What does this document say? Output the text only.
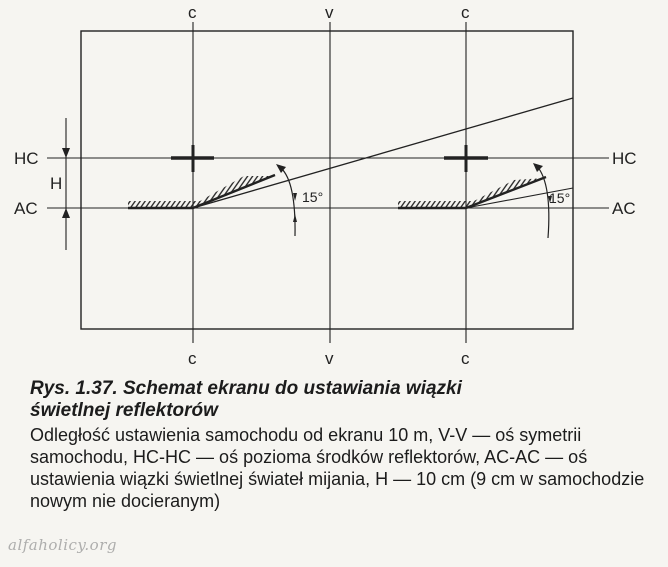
c	v	c
c	v	c
HC	HC
AC	AC
H
15°	15°

Rys. 1.37. Schemat ekranu do ustawiania wiązki
świetlnej reflektorów

Odległość ustawienia samochodu od ekranu 10 m, V-V — oś symetrii samochodu, HC-HC — oś pozioma środków reflektorów, AC-AC — oś ustawienia wiązki świetlnej świateł mijania, H — 10 cm (9 cm w samochodzie nowym nie docieranym)

alfaholicy.org
